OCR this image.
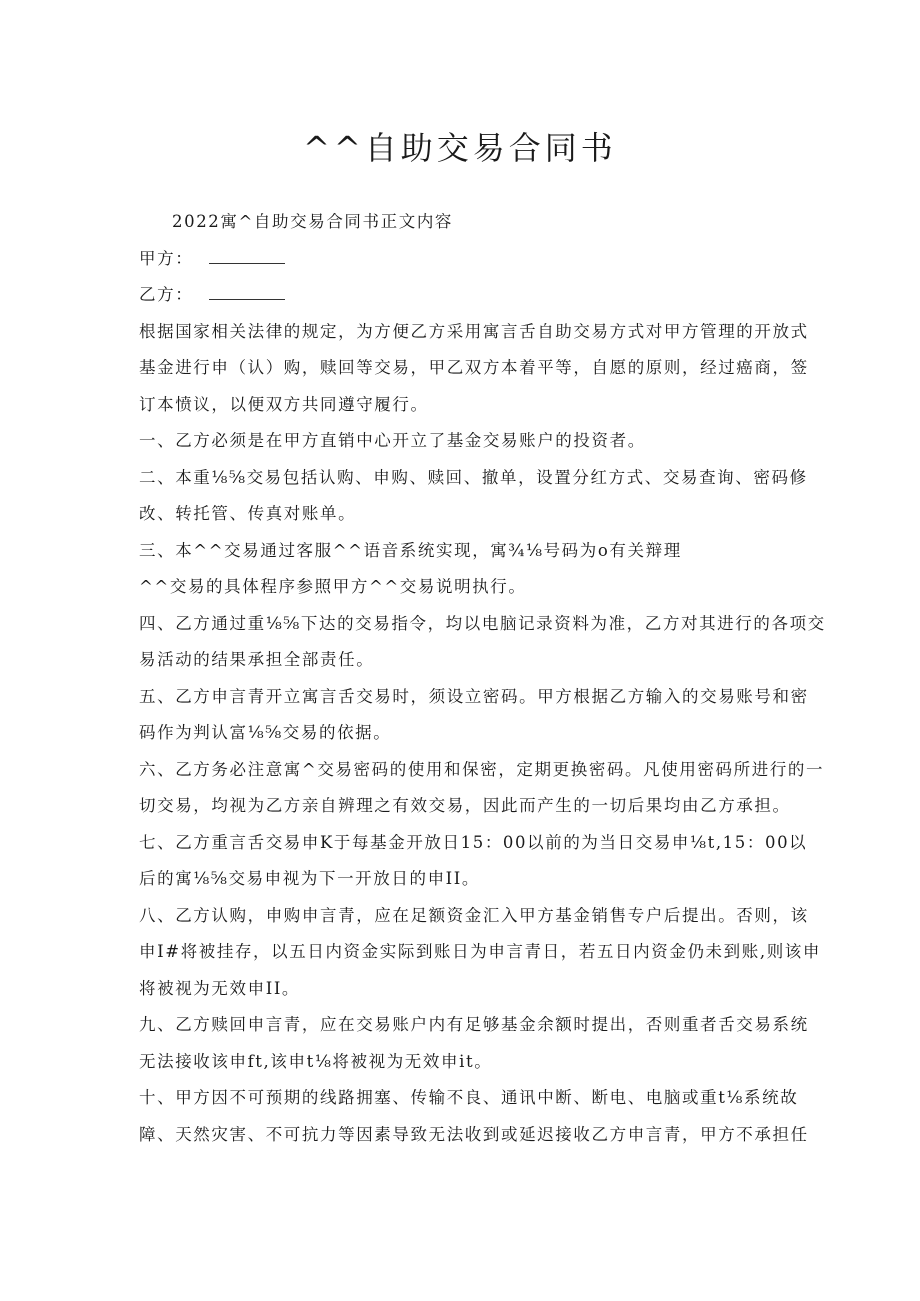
^^自助交易合同书
2022寓^自助交易合同书正文内容
甲方：
乙方：
根据国家相关法律的规定，为方便乙方采用寓言舌自助交易方式对甲方管理的开放式
基金进行申（认）购，赎回等交易，甲乙双方本着平等，自愿的原则，经过癌商，签
订本愤议，以便双方共同遵守履行。
一、乙方必须是在甲方直销中心开立了基金交易账户的投资者。
二、本重⅛⅝交易包括认购、申购、赎回、撤单，设置分红方式、交易查询、密码修
改、转托管、传真对账单。
三、本^^交易通过客服^^语音系统实现，寓¾⅛号码为o有关辩理
^^交易的具体程序参照甲方^^交易说明执行。
四、乙方通过重⅛⅝下达的交易指令，均以电脑记录资料为准，乙方对其进行的各项交
易活动的结果承担全部责任。
五、乙方申言青开立寓言舌交易时，须设立密码。甲方根据乙方输入的交易账号和密
码作为判认富⅛⅝交易的依据。
六、乙方务必注意寓^交易密码的使用和保密，定期更换密码。凡使用密码所进行的一
切交易，均视为乙方亲自辨理之有效交易，因此而产生的一切后果均由乙方承担。
七、乙方重言舌交易申K于每基金开放日15：00以前的为当日交易申⅛t,15：00以
后的寓⅛⅝交易申视为下一开放日的申II。
八、乙方认购，申购申言青，应在足额资金汇入甲方基金销售专户后提出。否则，该
申I#将被挂存，以五日内资金实际到账日为申言青日，若五日内资金仍未到账,则该申
将被视为无效申II。
九、乙方赎回申言青，应在交易账户内有足够基金余额时提出，否则重者舌交易系统
无法接收该申ft,该申t⅛将被视为无效申it。
十、甲方因不可预期的线路拥塞、传输不良、通讯中断、断电、电脑或重t⅛系统故
障、天然灾害、不可抗力等因素导致无法收到或延迟接收乙方申言青，甲方不承担任
